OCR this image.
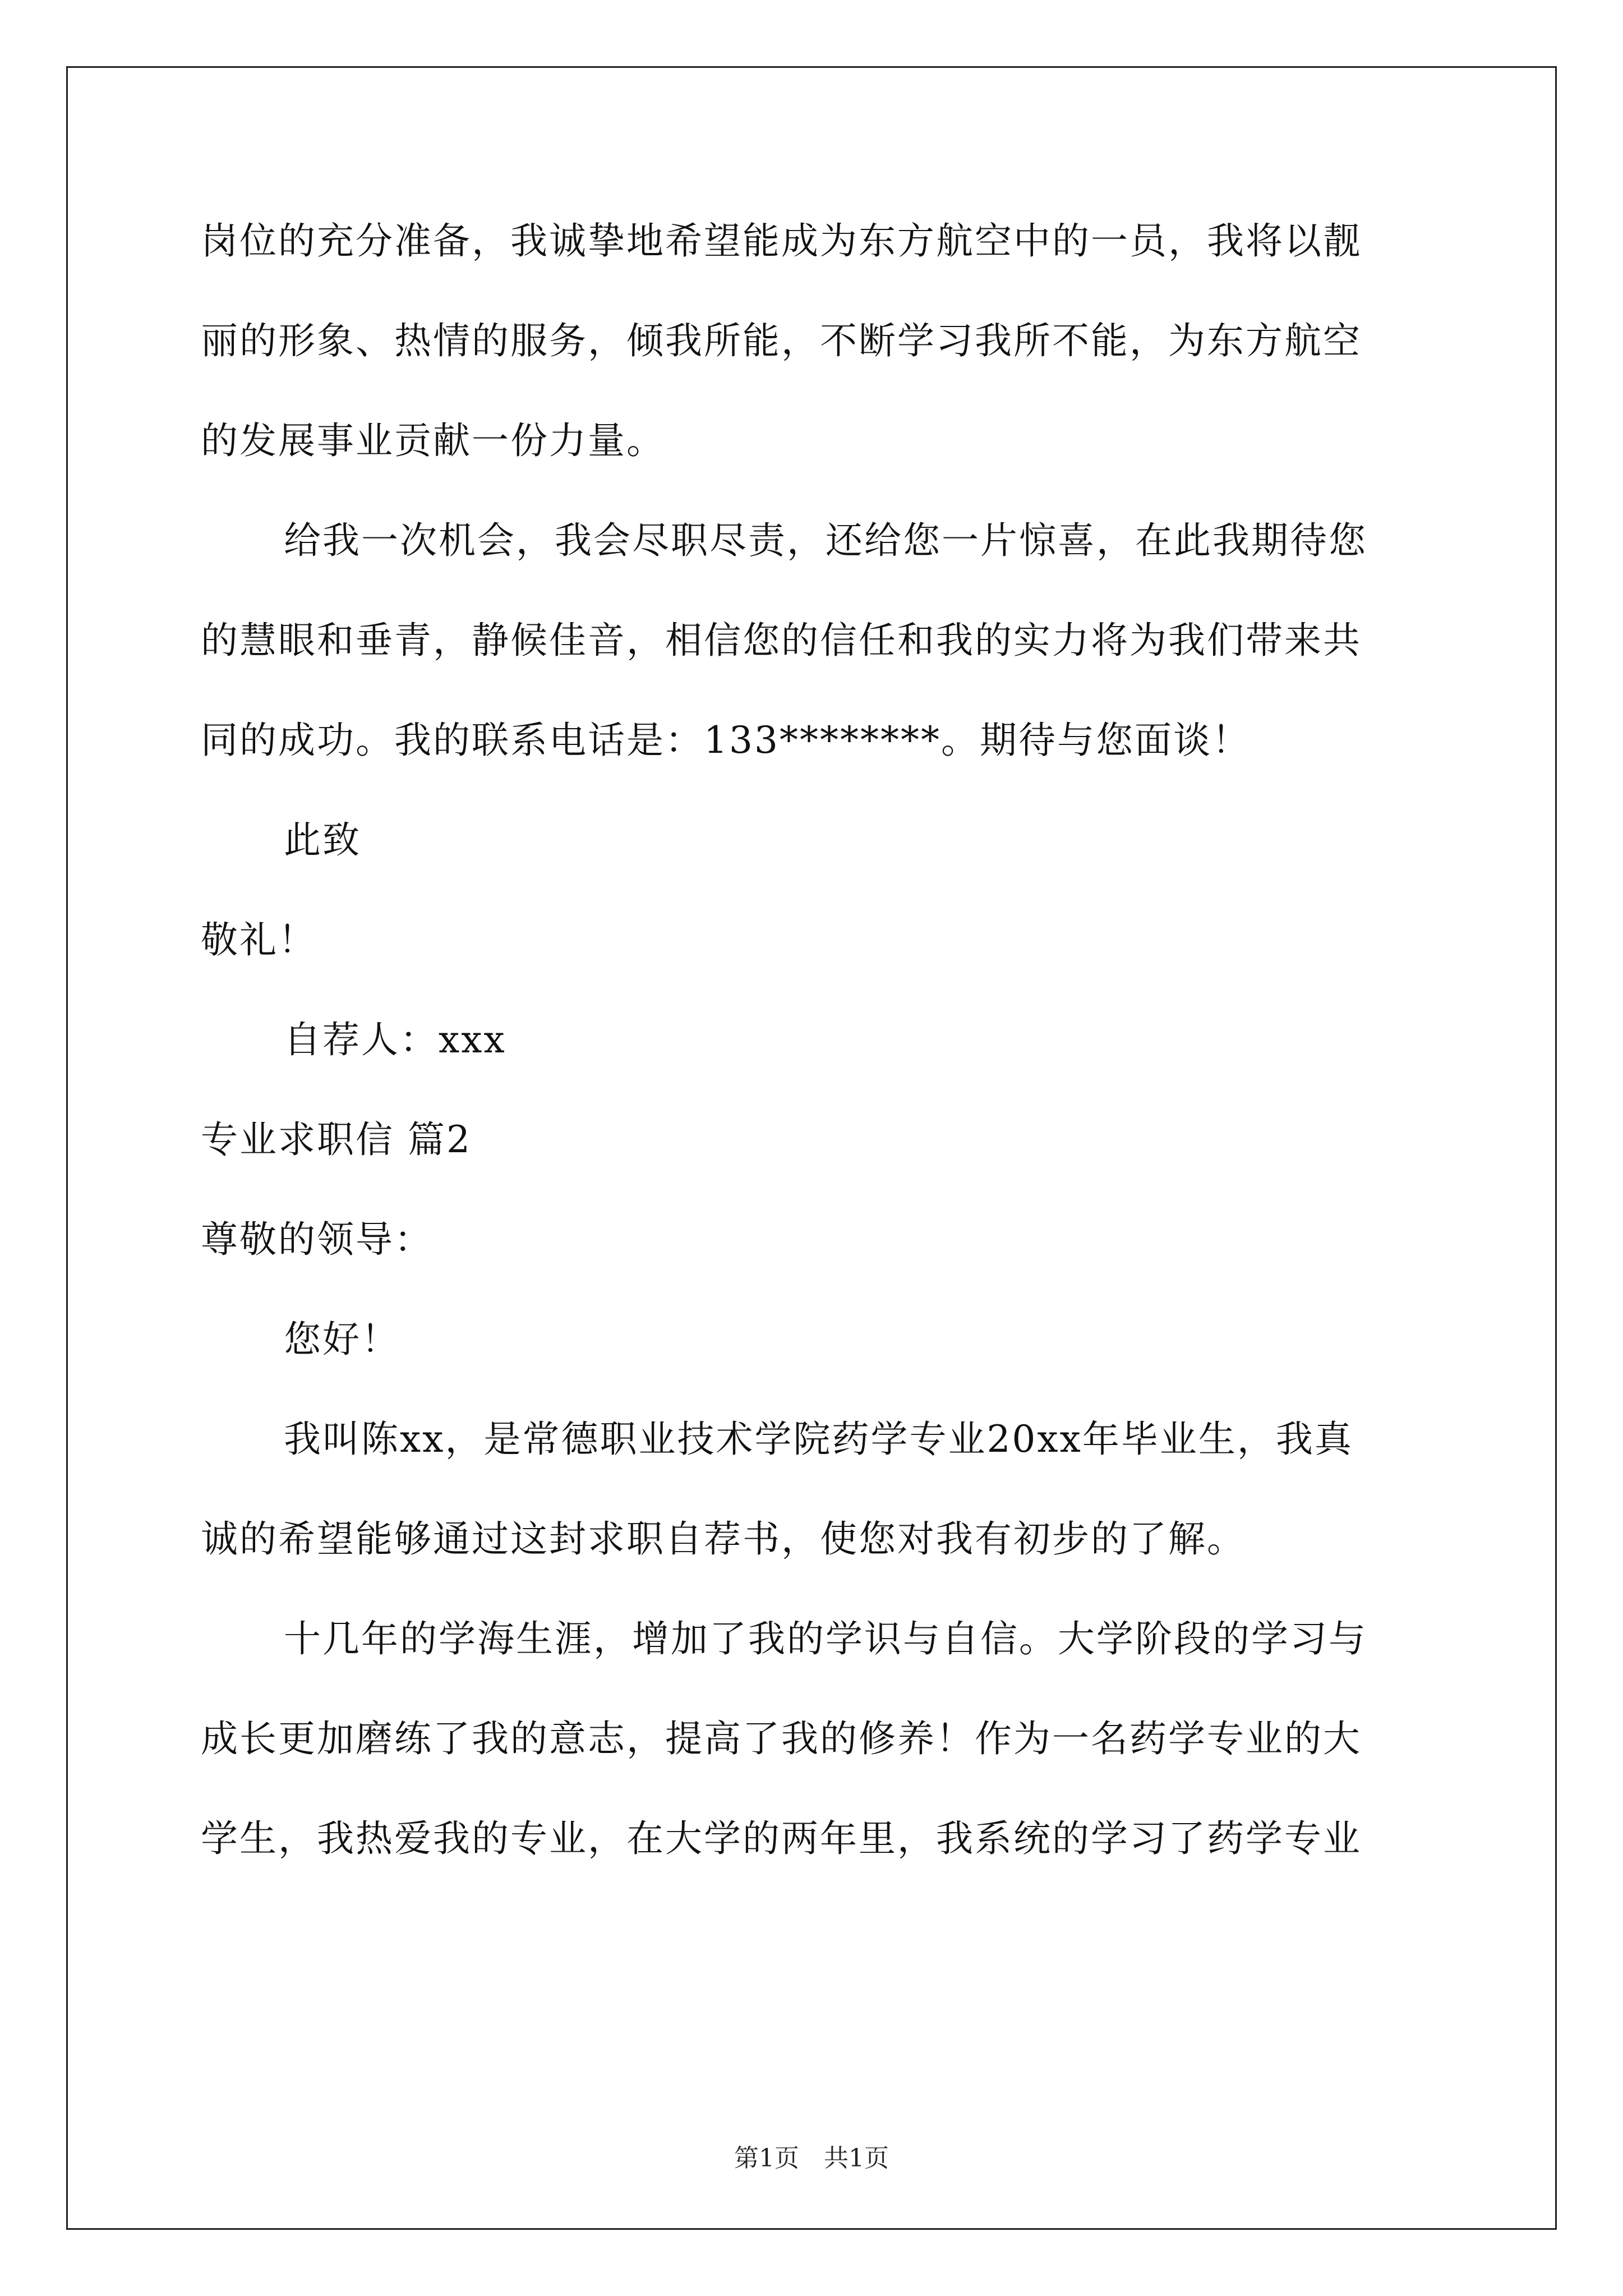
岗位的充分准备，我诚挚地希望能成为东方航空中的一员，我将以靓
丽的形象、热情的服务，倾我所能，不断学习我所不能，为东方航空
的发展事业贡献一份力量。
给我一次机会，我会尽职尽责，还给您一片惊喜，在此我期待您
的慧眼和垂青，静候佳音，相信您的信任和我的实力将为我们带来共
同的成功。我的联系电话是：133********。期待与您面谈！
此致
敬礼！
自荐人：xxx
专业求职信 篇2
尊敬的领导：
您好！
我叫陈xx，是常德职业技术学院药学专业20xx年毕业生，我真
诚的希望能够通过这封求职自荐书，使您对我有初步的了解。
十几年的学海生涯，增加了我的学识与自信。大学阶段的学习与
成长更加磨练了我的意志，提高了我的修养！作为一名药学专业的大
学生，我热爱我的专业，在大学的两年里，我系统的学习了药学专业
第1页　共1页
